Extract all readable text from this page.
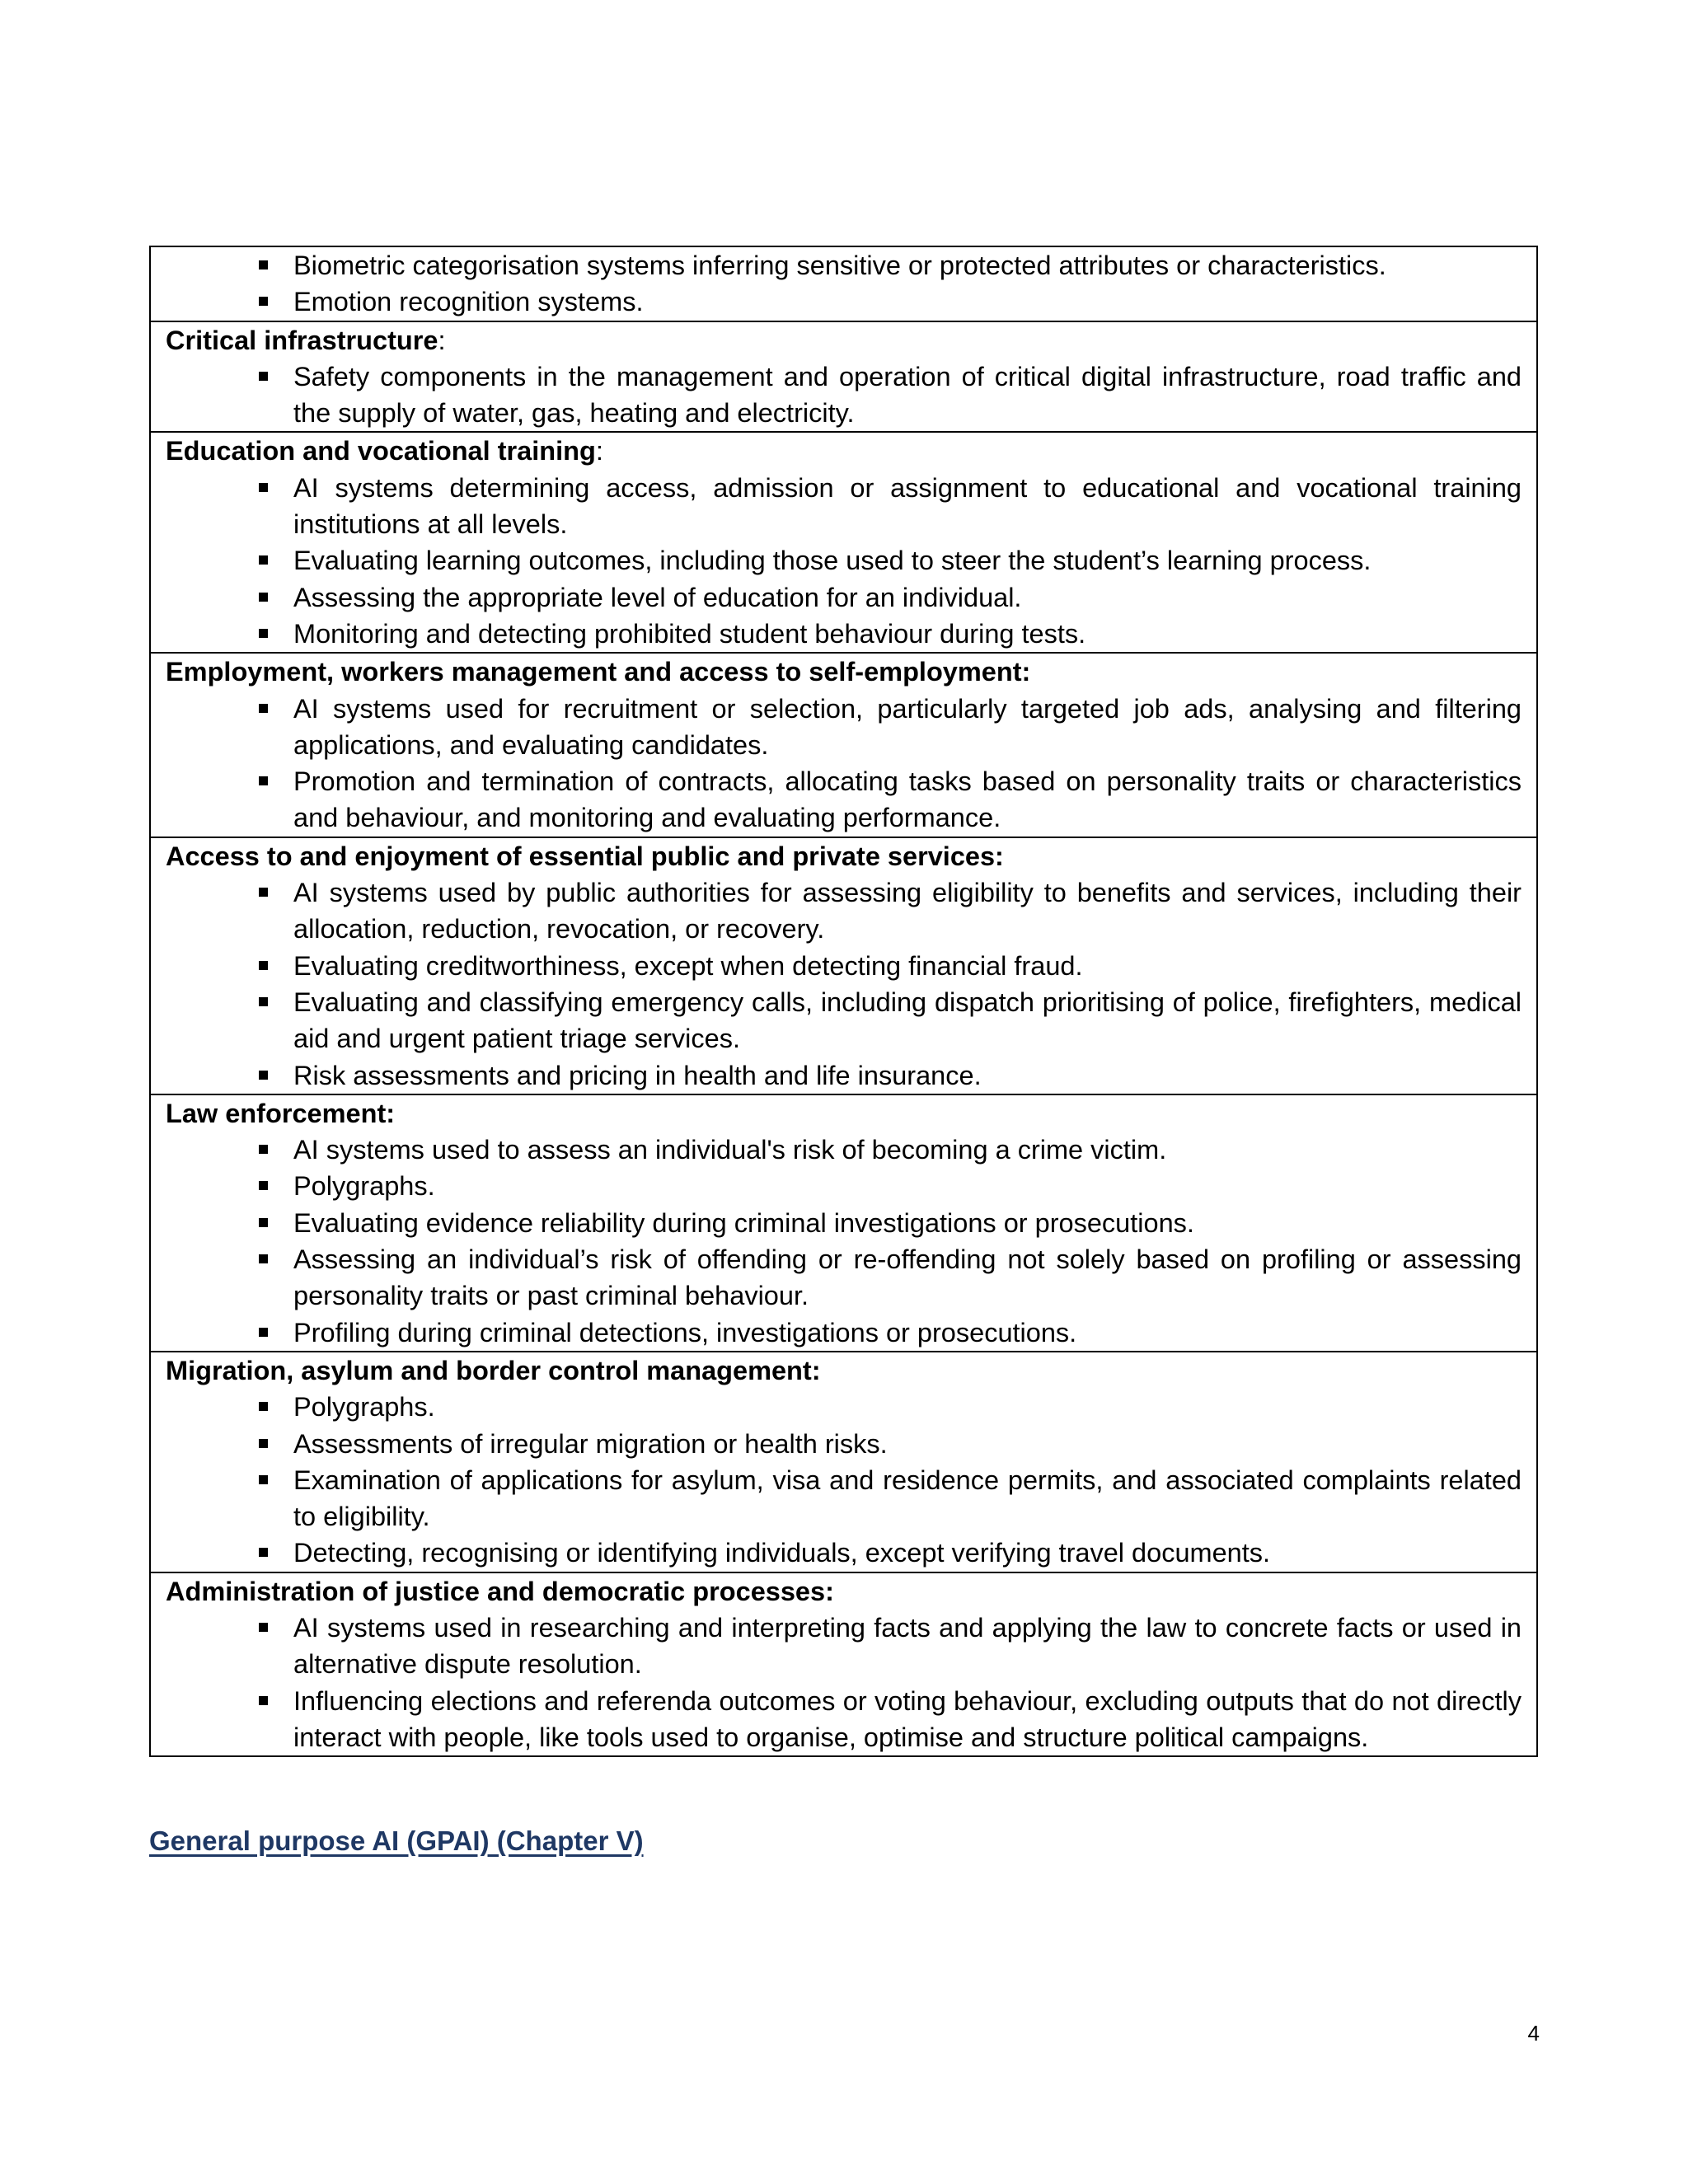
Biometric categorisation systems inferring sensitive or protected attributes or characteristics.
Emotion recognition systems.

Critical infrastructure:
Safety components in the management and operation of critical digital infrastructure, road traffic and the supply of water, gas, heating and electricity.

Education and vocational training:
AI systems determining access, admission or assignment to educational and vocational training institutions at all levels.
Evaluating learning outcomes, including those used to steer the student’s learning process.
Assessing the appropriate level of education for an individual.
Monitoring and detecting prohibited student behaviour during tests.

Employment, workers management and access to self-employment:
AI systems used for recruitment or selection, particularly targeted job ads, analysing and filtering applications, and evaluating candidates.
Promotion and termination of contracts, allocating tasks based on personality traits or characteristics and behaviour, and monitoring and evaluating performance.

Access to and enjoyment of essential public and private services:
AI systems used by public authorities for assessing eligibility to benefits and services, including their allocation, reduction, revocation, or recovery.
Evaluating creditworthiness, except when detecting financial fraud.
Evaluating and classifying emergency calls, including dispatch prioritising of police, firefighters, medical aid and urgent patient triage services.
Risk assessments and pricing in health and life insurance.

Law enforcement:
AI systems used to assess an individual's risk of becoming a crime victim.
Polygraphs.
Evaluating evidence reliability during criminal investigations or prosecutions.
Assessing an individual’s risk of offending or re-offending not solely based on profiling or assessing personality traits or past criminal behaviour.
Profiling during criminal detections, investigations or prosecutions.

Migration, asylum and border control management:
Polygraphs.
Assessments of irregular migration or health risks.
Examination of applications for asylum, visa and residence permits, and associated complaints related to eligibility.
Detecting, recognising or identifying individuals, except verifying travel documents.

Administration of justice and democratic processes:
AI systems used in researching and interpreting facts and applying the law to concrete facts or used in alternative dispute resolution.
Influencing elections and referenda outcomes or voting behaviour, excluding outputs that do not directly interact with people, like tools used to organise, optimise and structure political campaigns.
General purpose AI (GPAI) (Chapter V)
4
